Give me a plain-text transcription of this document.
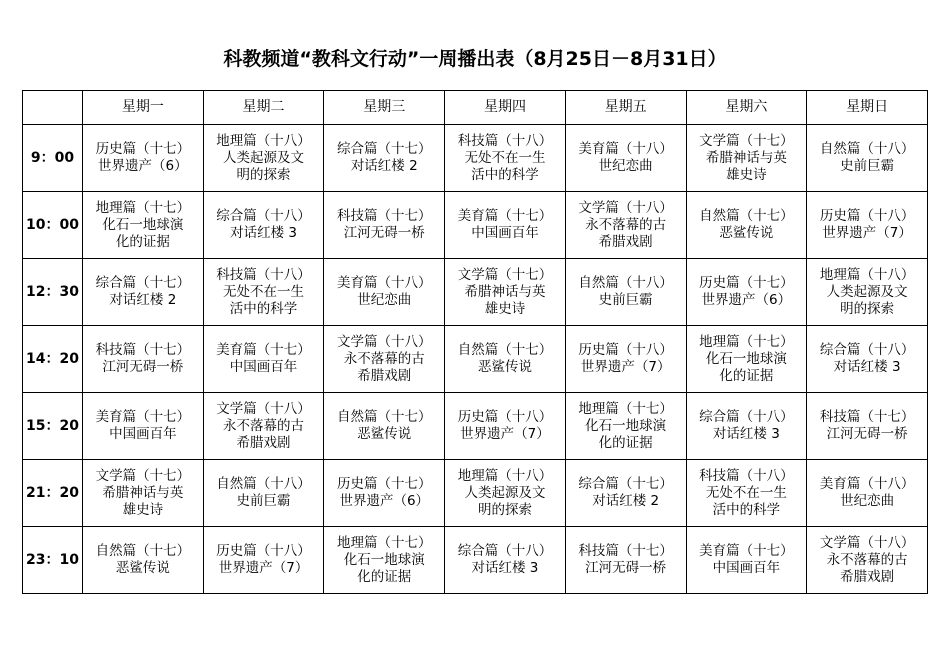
科教频道“教科文行动”一周播出表（8月25日－8月31日）
	星期一	星期二	星期三	星期四	星期五	星期六	星期日
9：00	历史篇（十七）
世界遗产（6）	地理篇（十八）
人类起源及文
明的探索	综合篇（十七）
对话红楼 2	科技篇（十八）
无处不在一生
活中的科学	美育篇（十八）
世纪恋曲	文学篇（十七）
希腊神话与英
雄史诗	自然篇（十八）
史前巨霸

10：00	地理篇（十七）
化石一地球演
化的证据	综合篇（十八）
对话红楼 3	科技篇（十七）
江河无碍一桥	美育篇（十七）
中国画百年	文学篇（十八）
永不落幕的古
希腊戏剧	自然篇（十七）
恶鲨传说	历史篇（十八）
世界遗产（7）

12：30	综合篇（十七）
对话红楼 2	科技篇（十八）
无处不在一生
活中的科学	美育篇（十八）
世纪恋曲	文学篇（十七）
希腊神话与英
雄史诗	自然篇（十八）
史前巨霸	历史篇（十七）
世界遗产（6）	地理篇（十八）
人类起源及文
明的探索

14：20	科技篇（十七）
江河无碍一桥	美育篇（十七）
中国画百年	文学篇（十八）
永不落幕的古
希腊戏剧	自然篇（十七）
恶鲨传说	历史篇（十八）
世界遗产（7）	地理篇（十七）
化石一地球演
化的证据	综合篇（十八）
对话红楼 3

15：20	美育篇（十七）
中国画百年	文学篇（十八）
永不落幕的古
希腊戏剧	自然篇（十七）
恶鲨传说	历史篇（十八）
世界遗产（7）	地理篇（十七）
化石一地球演
化的证据	综合篇（十八）
对话红楼 3	科技篇（十七）
江河无碍一桥

21：20	文学篇（十七）
希腊神话与英
雄史诗	自然篇（十八）
史前巨霸	历史篇（十七）
世界遗产（6）	地理篇（十八）
人类起源及文
明的探索	综合篇（十七）
对话红楼 2	科技篇（十八）
无处不在一生
活中的科学	美育篇（十八）
世纪恋曲

23：10	自然篇（十七）
恶鲨传说	历史篇（十八）
世界遗产（7）	地理篇（十七）
化石一地球演
化的证据	综合篇（十八）
对话红楼 3	科技篇（十七）
江河无碍一桥	美育篇（十七）
中国画百年	文学篇（十八）
永不落幕的古
希腊戏剧
